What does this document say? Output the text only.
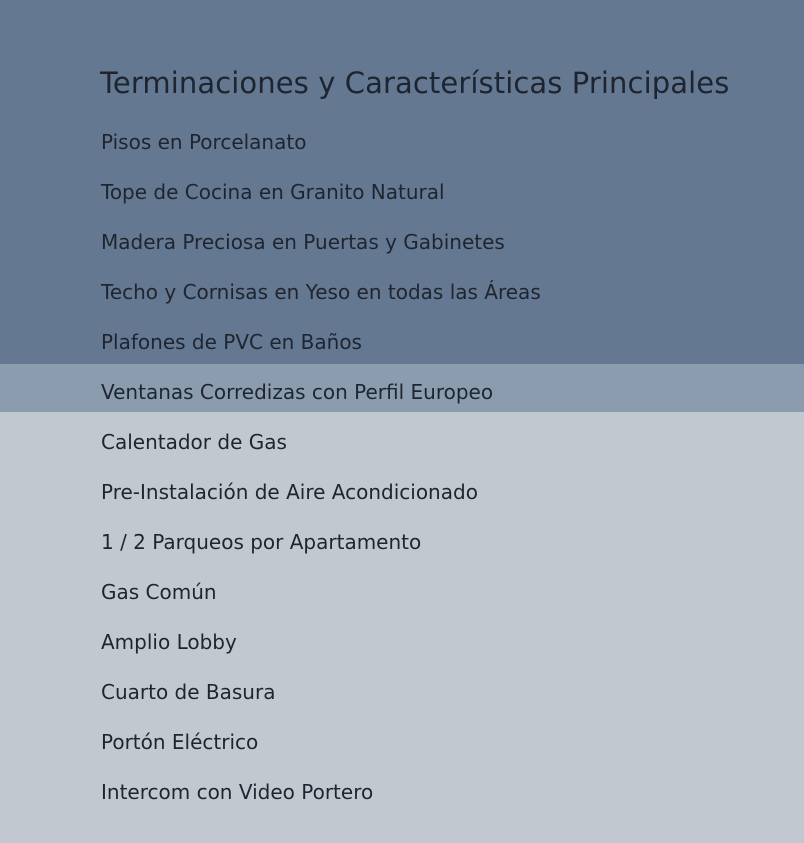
Terminaciones y Características Principales
Pisos en Porcelanato
Tope de Cocina en Granito Natural
Madera Preciosa en Puertas y Gabinetes
Techo y Cornisas en Yeso en todas las Áreas
Plafones de PVC en Baños
Ventanas Corredizas con Perfil Europeo
Calentador de Gas
Pre-Instalación de Aire Acondicionado
1 / 2 Parqueos por Apartamento
Gas Común
Amplio Lobby
Cuarto de Basura
Portón Eléctrico
Intercom con Video Portero
